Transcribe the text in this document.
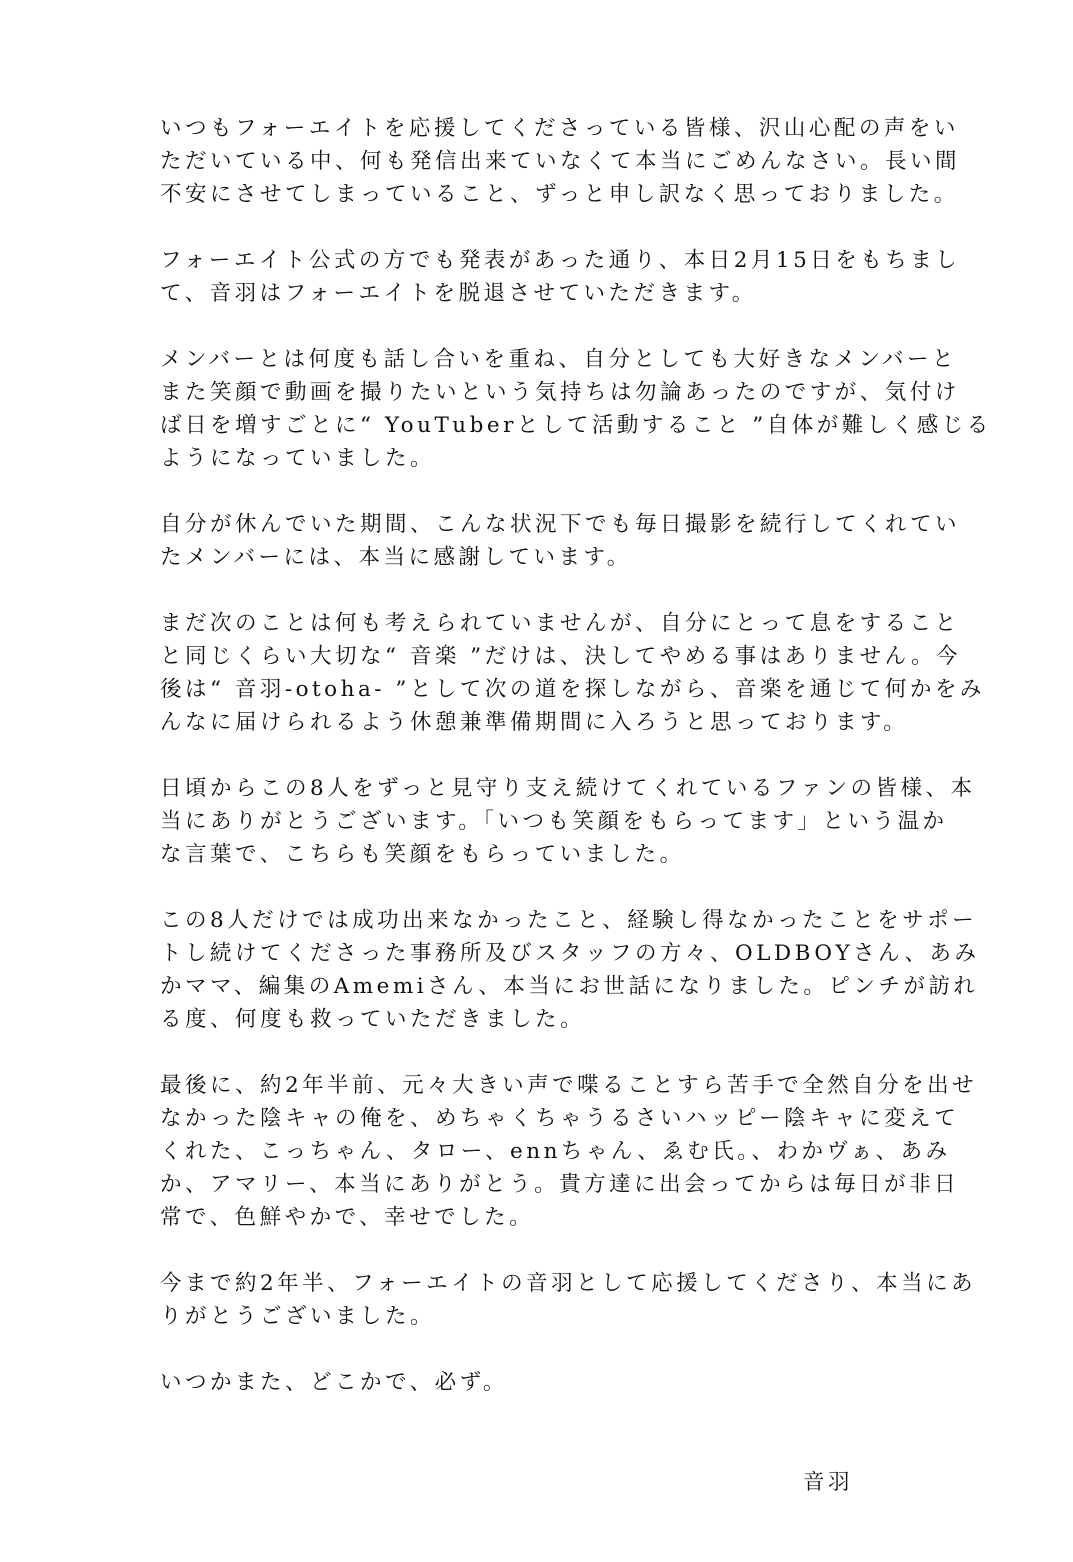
いつもフォーエイトを応援してくださっている皆様、沢山心配の声をい
ただいている中、何も発信出来ていなくて本当にごめんなさい。長い間
不安にさせてしまっていること、ずっと申し訳なく思っておりました。

フォーエイト公式の方でも発表があった通り、本日2月15日をもちまし
て、音羽はフォーエイトを脱退させていただきます。

メンバーとは何度も話し合いを重ね、自分としても大好きなメンバーと
また笑顔で動画を撮りたいという気持ちは勿論あったのですが、気付け
ば日を増すごとに“ YouTuberとして活動すること ”自体が難しく感じる
ようになっていました。

自分が休んでいた期間、こんな状況下でも毎日撮影を続行してくれてい
たメンバーには、本当に感謝しています。

まだ次のことは何も考えられていませんが、自分にとって息をすること
と同じくらい大切な“ 音楽 ”だけは、決してやめる事はありません。今
後は“ 音羽-otoha- ”として次の道を探しながら、音楽を通じて何かをみ
んなに届けられるよう休憩兼準備期間に入ろうと思っております。

日頃からこの8人をずっと見守り支え続けてくれているファンの皆様、本
当にありがとうございます。「いつも笑顔をもらってます」という温か
な言葉で、こちらも笑顔をもらっていました。

この8人だけでは成功出来なかったこと、経験し得なかったことをサポー
トし続けてくださった事務所及びスタッフの方々、OLDBOYさん、あみ
かママ、編集のAmemiさん、本当にお世話になりました。ピンチが訪れ
る度、何度も救っていただきました。

最後に、約2年半前、元々大きい声で喋ることすら苦手で全然自分を出せ
なかった陰キャの俺を、めちゃくちゃうるさいハッピー陰キャに変えて
くれた、こっちゃん、タロー、ennちゃん、ゑむ氏。、わかヴぁ、あみ
か、アマリー、本当にありがとう。貴方達に出会ってからは毎日が非日
常で、色鮮やかで、幸せでした。

今まで約2年半、フォーエイトの音羽として応援してくださり、本当にあ
りがとうございました。

いつかまた、どこかで、必ず。

音羽
